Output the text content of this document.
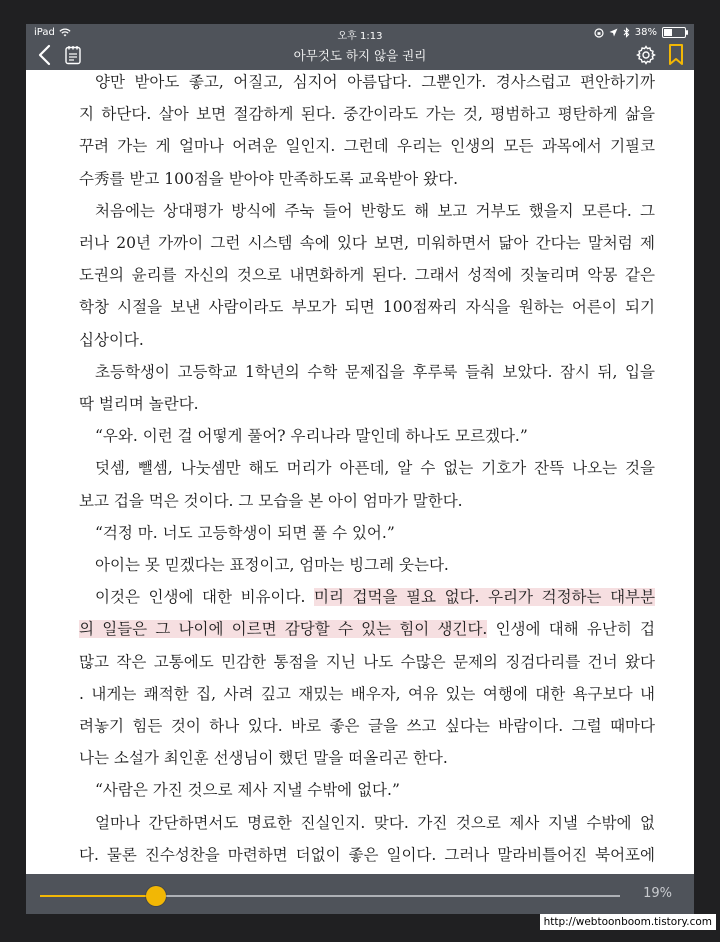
iPad	오후 1:13	38%
아무것도 하지 않을 권리
양만 받아도 좋고, 어질고, 심지어 아름답다. 그뿐인가. 경사스럽고 편안하기까
지 하단다. 살아 보면 절감하게 된다. 중간이라도 가는 것, 평범하고 평탄하게 삶을
꾸려 가는 게 얼마나 어려운 일인지. 그런데 우리는 인생의 모든 과목에서 기필코
수秀를 받고 100점을 받아야 만족하도록 교육받아 왔다.
처음에는 상대평가 방식에 주눅 들어 반항도 해 보고 거부도 했을지 모른다. 그
러나 20년 가까이 그런 시스템 속에 있다 보면, 미워하면서 닮아 간다는 말처럼 제
도권의 윤리를 자신의 것으로 내면화하게 된다. 그래서 성적에 짓눌리며 악몽 같은
학창 시절을 보낸 사람이라도 부모가 되면 100점짜리 자식을 원하는 어른이 되기
십상이다.
초등학생이 고등학교 1학년의 수학 문제집을 후루룩 들춰 보았다. 잠시 뒤, 입을
딱 벌리며 놀란다.
“우와. 이런 걸 어떻게 풀어? 우리나라 말인데 하나도 모르겠다.”
덧셈, 뺄셈, 나눗셈만 해도 머리가 아픈데, 알 수 없는 기호가 잔뜩 나오는 것을
보고 겁을 먹은 것이다. 그 모습을 본 아이 엄마가 말한다.
“걱정 마. 너도 고등학생이 되면 풀 수 있어.”
아이는 못 믿겠다는 표정이고, 엄마는 빙그레 웃는다.
이것은 인생에 대한 비유이다. 미리 겁먹을 필요 없다. 우리가 걱정하는 대부분
의 일들은 그 나이에 이르면 감당할 수 있는 힘이 생긴다. 인생에 대해 유난히 겁
많고 작은 고통에도 민감한 통점을 지닌 나도 수많은 문제의 징검다리를 건너 왔다
. 내게는 쾌적한 집, 사려 깊고 재밌는 배우자, 여유 있는 여행에 대한 욕구보다 내
려놓기 힘든 것이 하나 있다. 바로 좋은 글을 쓰고 싶다는 바람이다. 그럴 때마다
나는 소설가 최인훈 선생님이 했던 말을 떠올리곤 한다.
“사람은 가진 것으로 제사 지낼 수밖에 없다.”
얼마나 간단하면서도 명료한 진실인지. 맞다. 가진 것으로 제사 지낼 수밖에 없
다. 물론 진수성찬을 마련하면 더없이 좋은 일이다. 그러나 말라비틀어진 북어포에
19%
http://webtoonboom.tistory.com
